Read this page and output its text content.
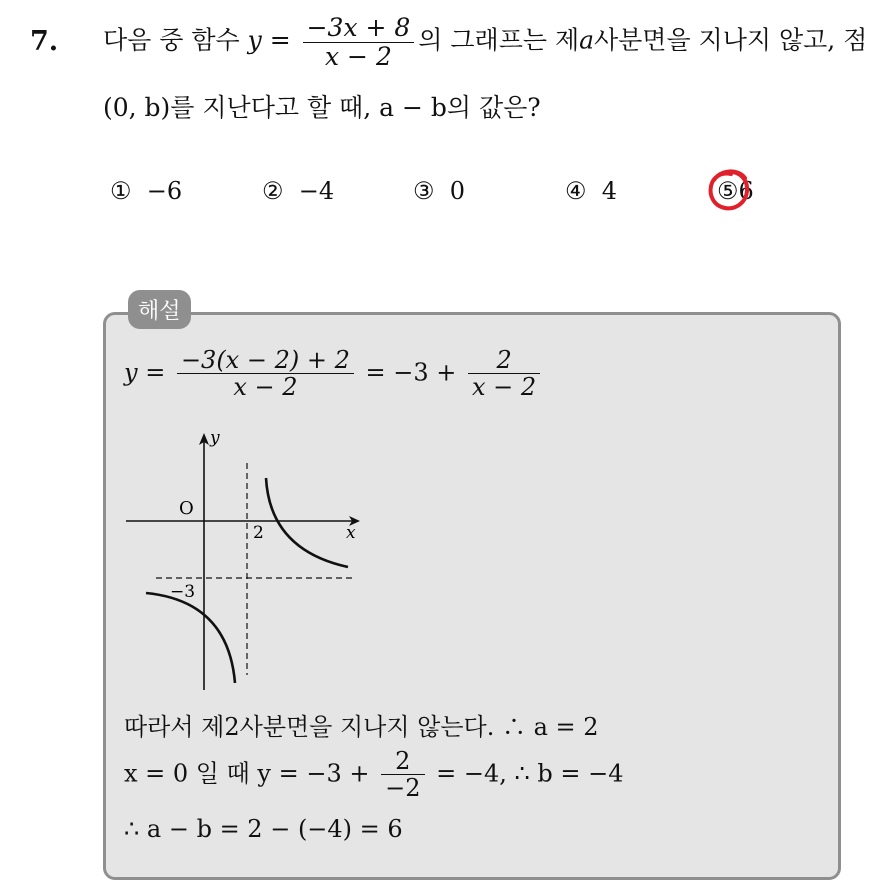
7. 다음 중 함수 $y = \frac{-3x + 8}{x - 2}$ 의 그래프는 제a사분면을 지나지 않고, 점
(0, b)를 지난다고 할 때, a − b의 값은?
① −6	② −4	③ 0	④ 4	⑤6
해설
$y = \frac{-3(x - 2) + 2}{x - 2} = -3 + \frac{2}{x - 2}$
y
x
O
2
−3
따라서 제2사분면을 지나지 않는다. ∴ a = 2
x = 0 일 때 $y = -3 + \frac{2}{-2} = -4$, ∴ b = −4
∴ a − b = 2 − (−4) = 6
